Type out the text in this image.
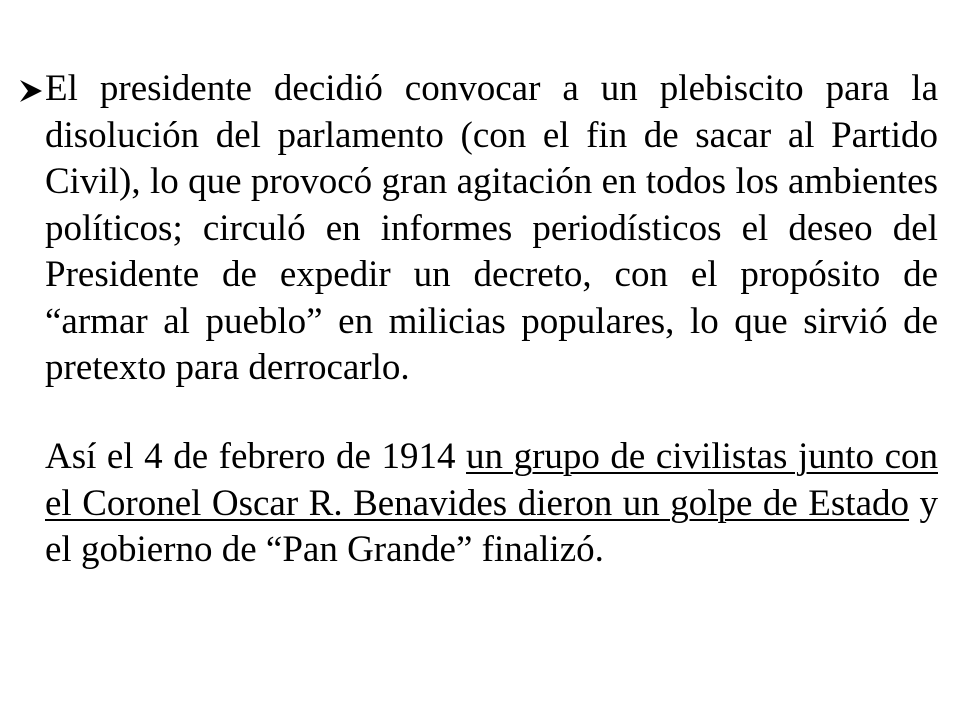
El presidente decidió convocar a un plebiscito para la disolución del parlamento (con el fin de sacar al Partido Civil), lo que provocó gran agitación en todos los ambientes políticos; circuló en informes periodísticos el deseo del Presidente de expedir un decreto, con el propósito de “armar al pueblo” en milicias populares, lo que sirvió de pretexto para derrocarlo.

Así el 4 de febrero de 1914 un grupo de civilistas junto con el Coronel Oscar R. Benavides dieron un golpe de Estado y el gobierno de “Pan Grande” finalizó.
